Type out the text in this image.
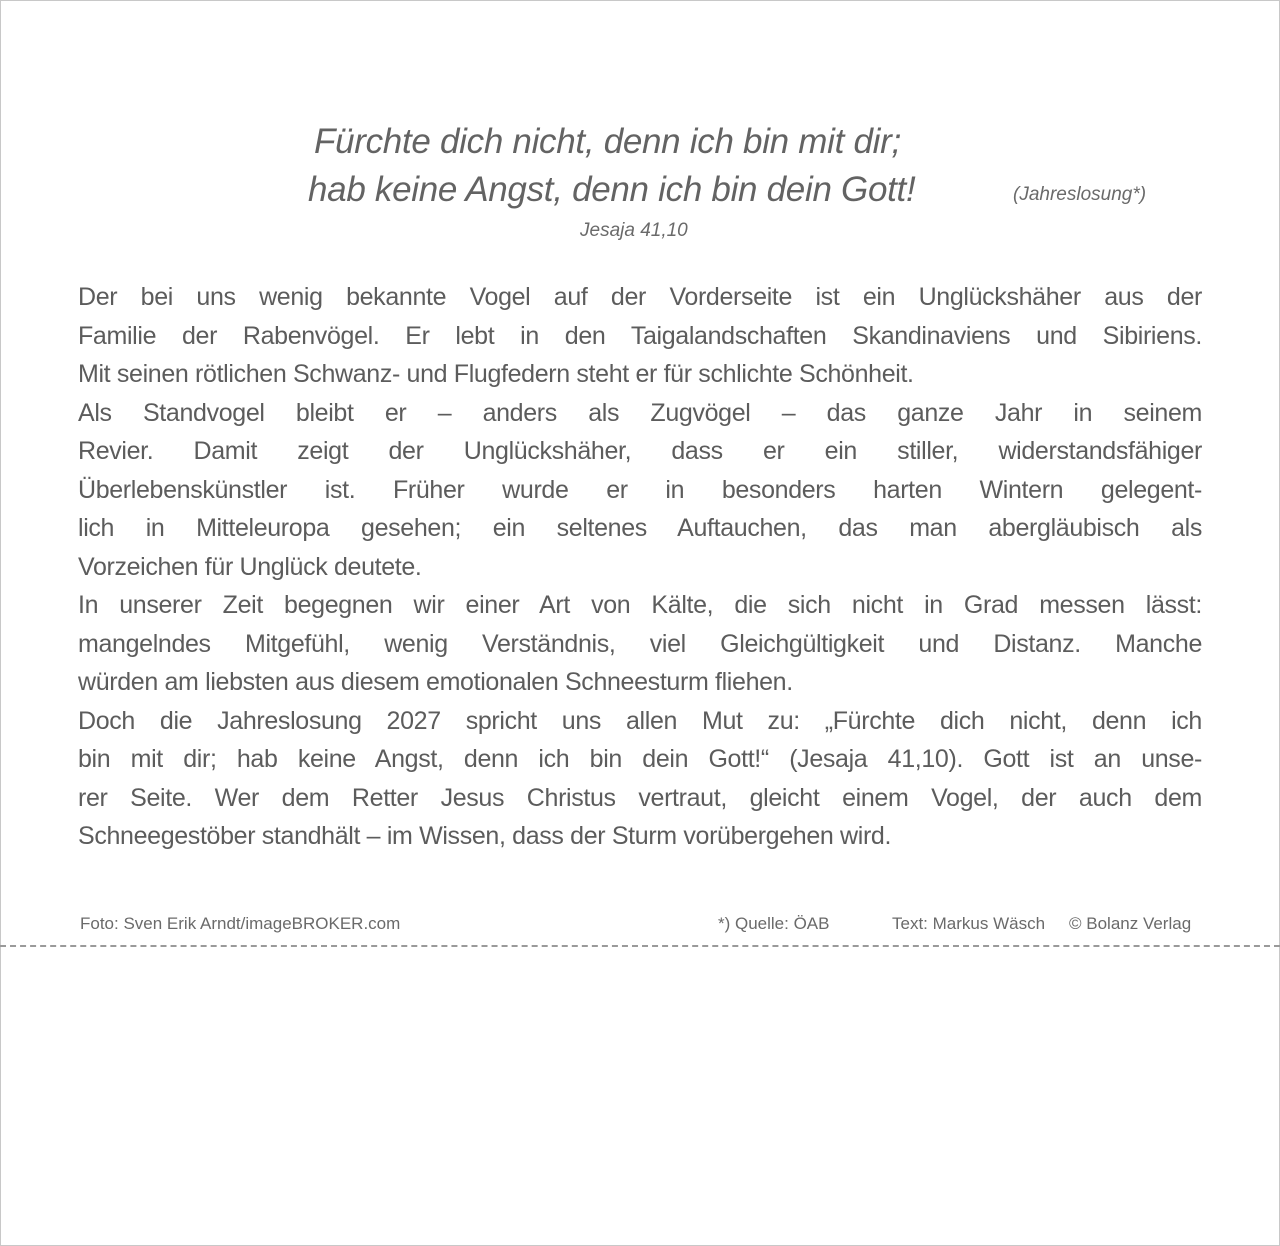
Fürchte dich nicht, denn ich bin mit dir;
hab keine Angst, denn ich bin dein Gott!	(Jahreslosung*)
Jesaja 41,10

Der bei uns wenig bekannte Vogel auf der Vorderseite ist ein Unglückshäher aus der
Familie der Rabenvögel. Er lebt in den Taigalandschaften Skandinaviens und Sibiriens.
Mit seinen rötlichen Schwanz- und Flugfedern steht er für schlichte Schönheit.

Als Standvogel bleibt er – anders als Zugvögel – das ganze Jahr in seinem
Revier. Damit zeigt der Unglückshäher, dass er ein stiller, widerstandsfähiger
Überlebenskünstler ist. Früher wurde er in besonders harten Wintern gelegent-
lich in Mitteleuropa gesehen; ein seltenes Auftauchen, das man abergläubisch als
Vorzeichen für Unglück deutete.

In unserer Zeit begegnen wir einer Art von Kälte, die sich nicht in Grad messen lässt:
mangelndes Mitgefühl, wenig Verständnis, viel Gleichgültigkeit und Distanz. Manche
würden am liebsten aus diesem emotionalen Schneesturm fliehen.

Doch die Jahreslosung 2027 spricht uns allen Mut zu: „Fürchte dich nicht, denn ich
bin mit dir; hab keine Angst, denn ich bin dein Gott!“ (Jesaja 41,10). Gott ist an unse-
rer Seite. Wer dem Retter Jesus Christus vertraut, gleicht einem Vogel, der auch dem
Schneegestöber standhält – im Wissen, dass der Sturm vorübergehen wird.

Foto: Sven Erik Arndt/imageBROKER.com	*) Quelle: ÖAB	Text: Markus Wäsch © Bolanz Verlag
